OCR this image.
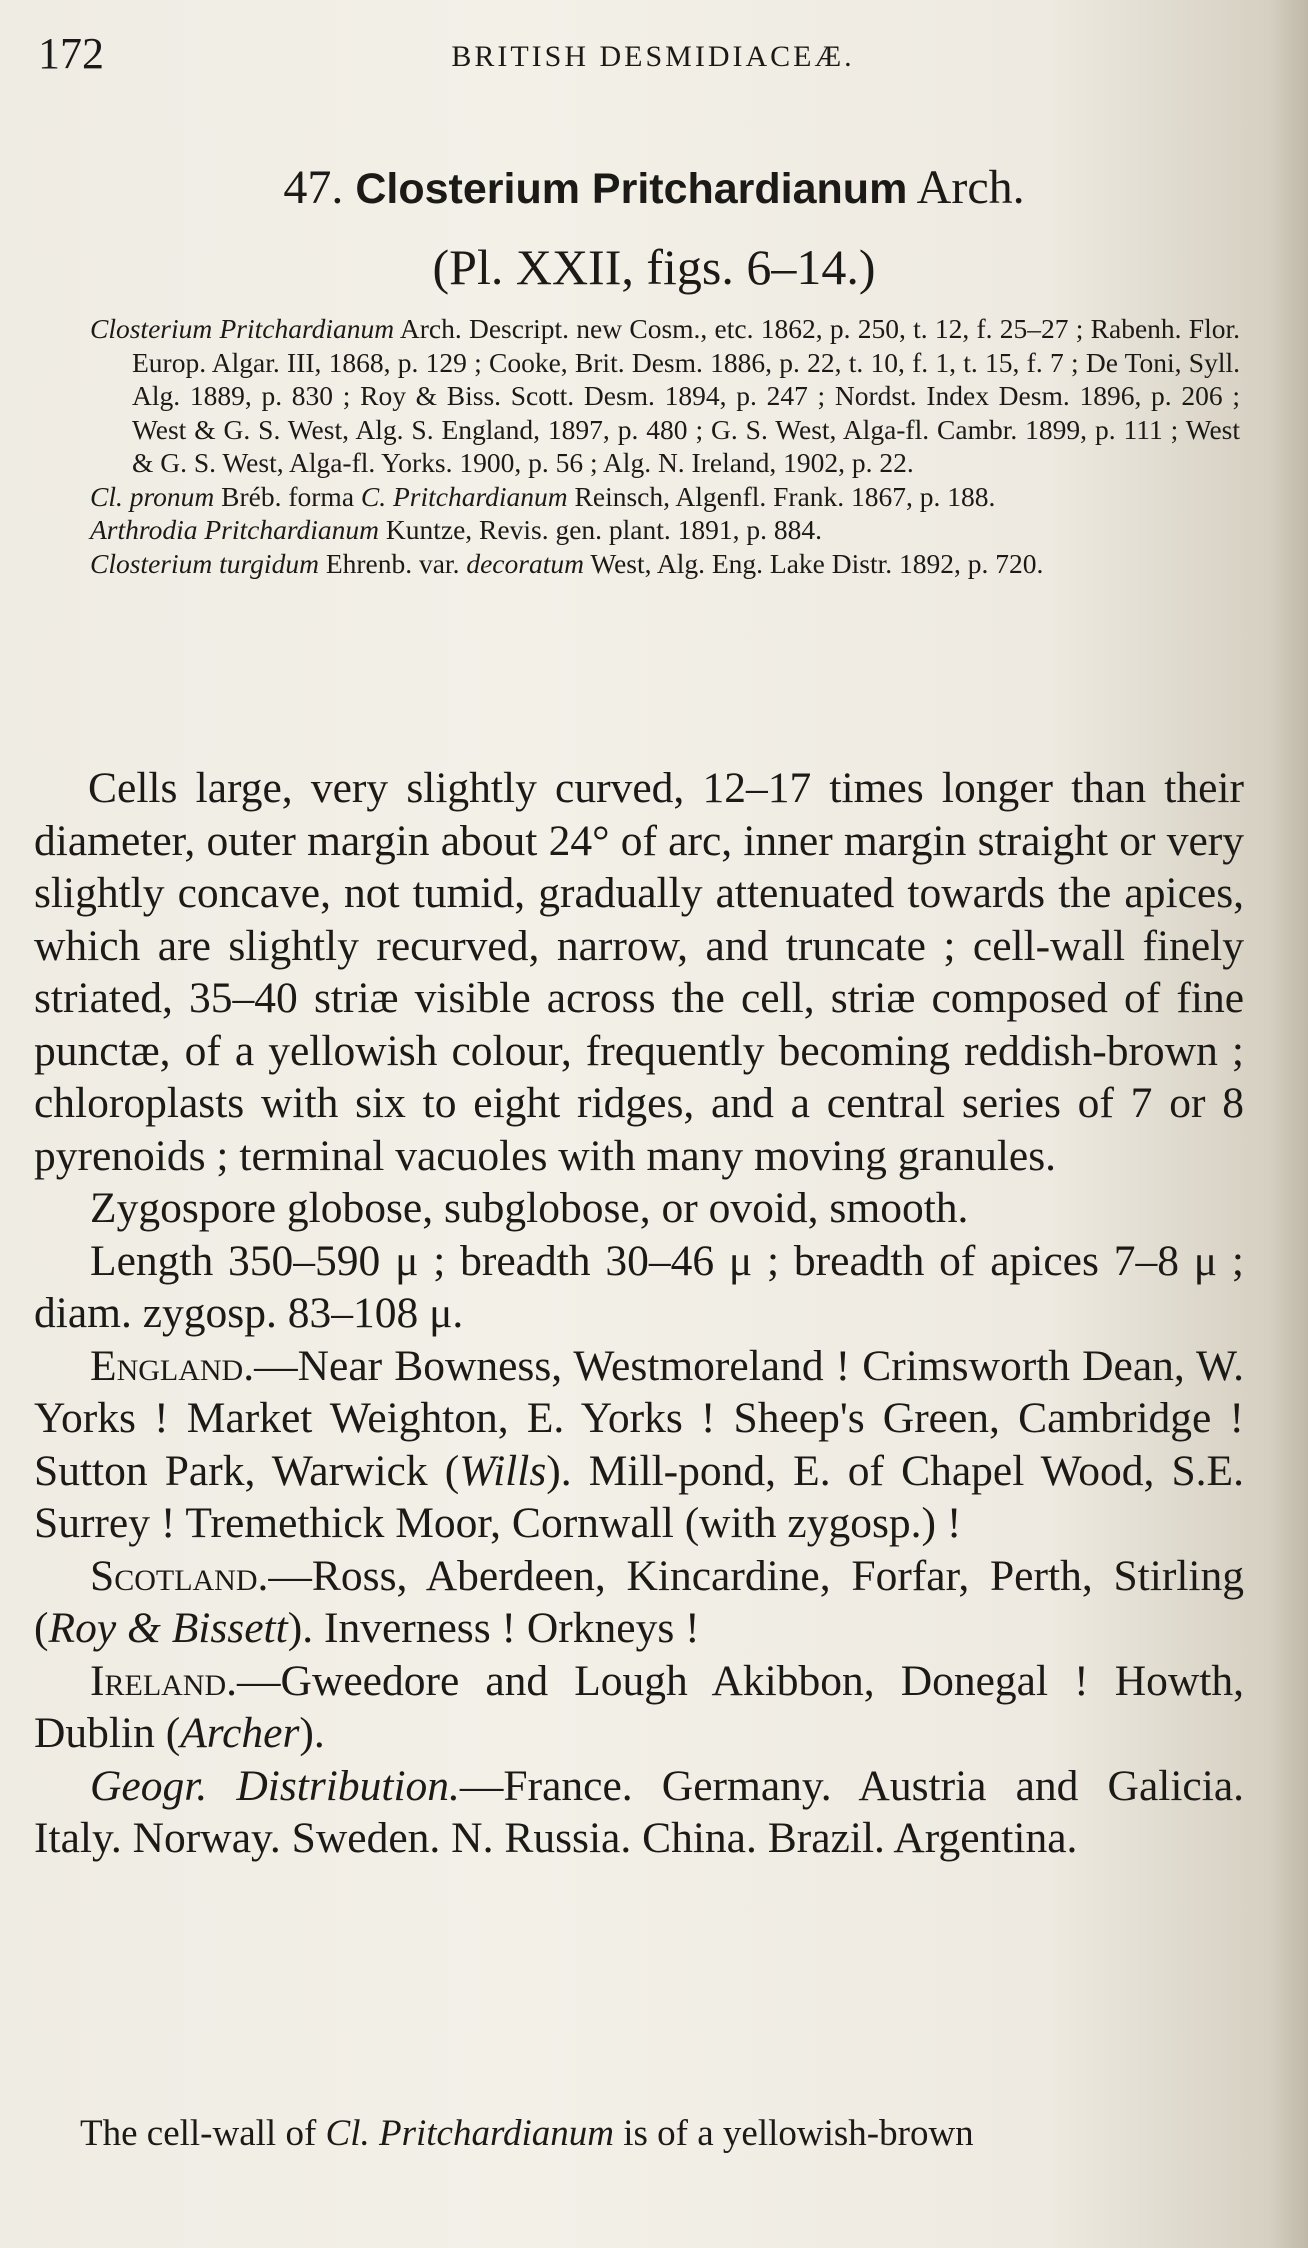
172	BRITISH DESMIDIACEÆ.
47. Closterium Pritchardianum Arch.
(Pl. XXII, figs. 6–14.)
Closterium Pritchardianum Arch. Descript. new Cosm., etc. 1862, p. 250, t. 12, f. 25–27 ; Rabenh. Flor. Europ. Algar. III, 1868, p. 129 ; Cooke, Brit. Desm. 1886, p. 22, t. 10, f. 1, t. 15, f. 7 ; De Toni, Syll. Alg. 1889, p. 830 ; Roy & Biss. Scott. Desm. 1894, p. 247 ; Nordst. Index Desm. 1896, p. 206 ; West & G. S. West, Alg. S. England, 1897, p. 480 ; G. S. West, Alga-fl. Cambr. 1899, p. 111 ; West & G. S. West, Alga-fl. Yorks. 1900, p. 56 ; Alg. N. Ireland, 1902, p. 22.
Cl. pronum Bréb. forma C. Pritchardianum Reinsch, Algenfl. Frank. 1867, p. 188.
Arthrodia Pritchardianum Kuntze, Revis. gen. plant. 1891, p. 884.
Closterium turgidum Ehrenb. var. decoratum West, Alg. Eng. Lake Distr. 1892, p. 720.

Cells large, very slightly curved, 12–17 times longer than their diameter, outer margin about 24° of arc, inner margin straight or very slightly concave, not tumid, gradually attenuated towards the apices, which are slightly recurved, narrow, and truncate ; cell-wall finely striated, 35–40 striæ visible across the cell, striæ composed of fine punctæ, of a yellowish colour, frequently becoming reddish-brown ; chloroplasts with six to eight ridges, and a central series of 7 or 8 pyrenoids ; terminal vacuoles with many moving granules.

Zygospore globose, subglobose, or ovoid, smooth.

Length 350–590 μ ; breadth 30–46 μ ; breadth of apices 7–8 μ ; diam. zygosp. 83–108 μ.

England.—Near Bowness, Westmoreland ! Crimsworth Dean, W. Yorks ! Market Weighton, E. Yorks ! Sheep's Green, Cambridge ! Sutton Park, Warwick (Wills). Mill-pond, E. of Chapel Wood, S.E. Surrey ! Tremethick Moor, Cornwall (with zygosp.) !

Scotland.—Ross, Aberdeen, Kincardine, Forfar, Perth, Stirling (Roy & Bissett). Inverness ! Orkneys !

Ireland.—Gweedore and Lough Akibbon, Donegal ! Howth, Dublin (Archer).

Geogr. Distribution.—France. Germany. Austria and Galicia. Italy. Norway. Sweden. N. Russia. China. Brazil. Argentina.

The cell-wall of Cl. Pritchardianum is of a yellowish-brown
